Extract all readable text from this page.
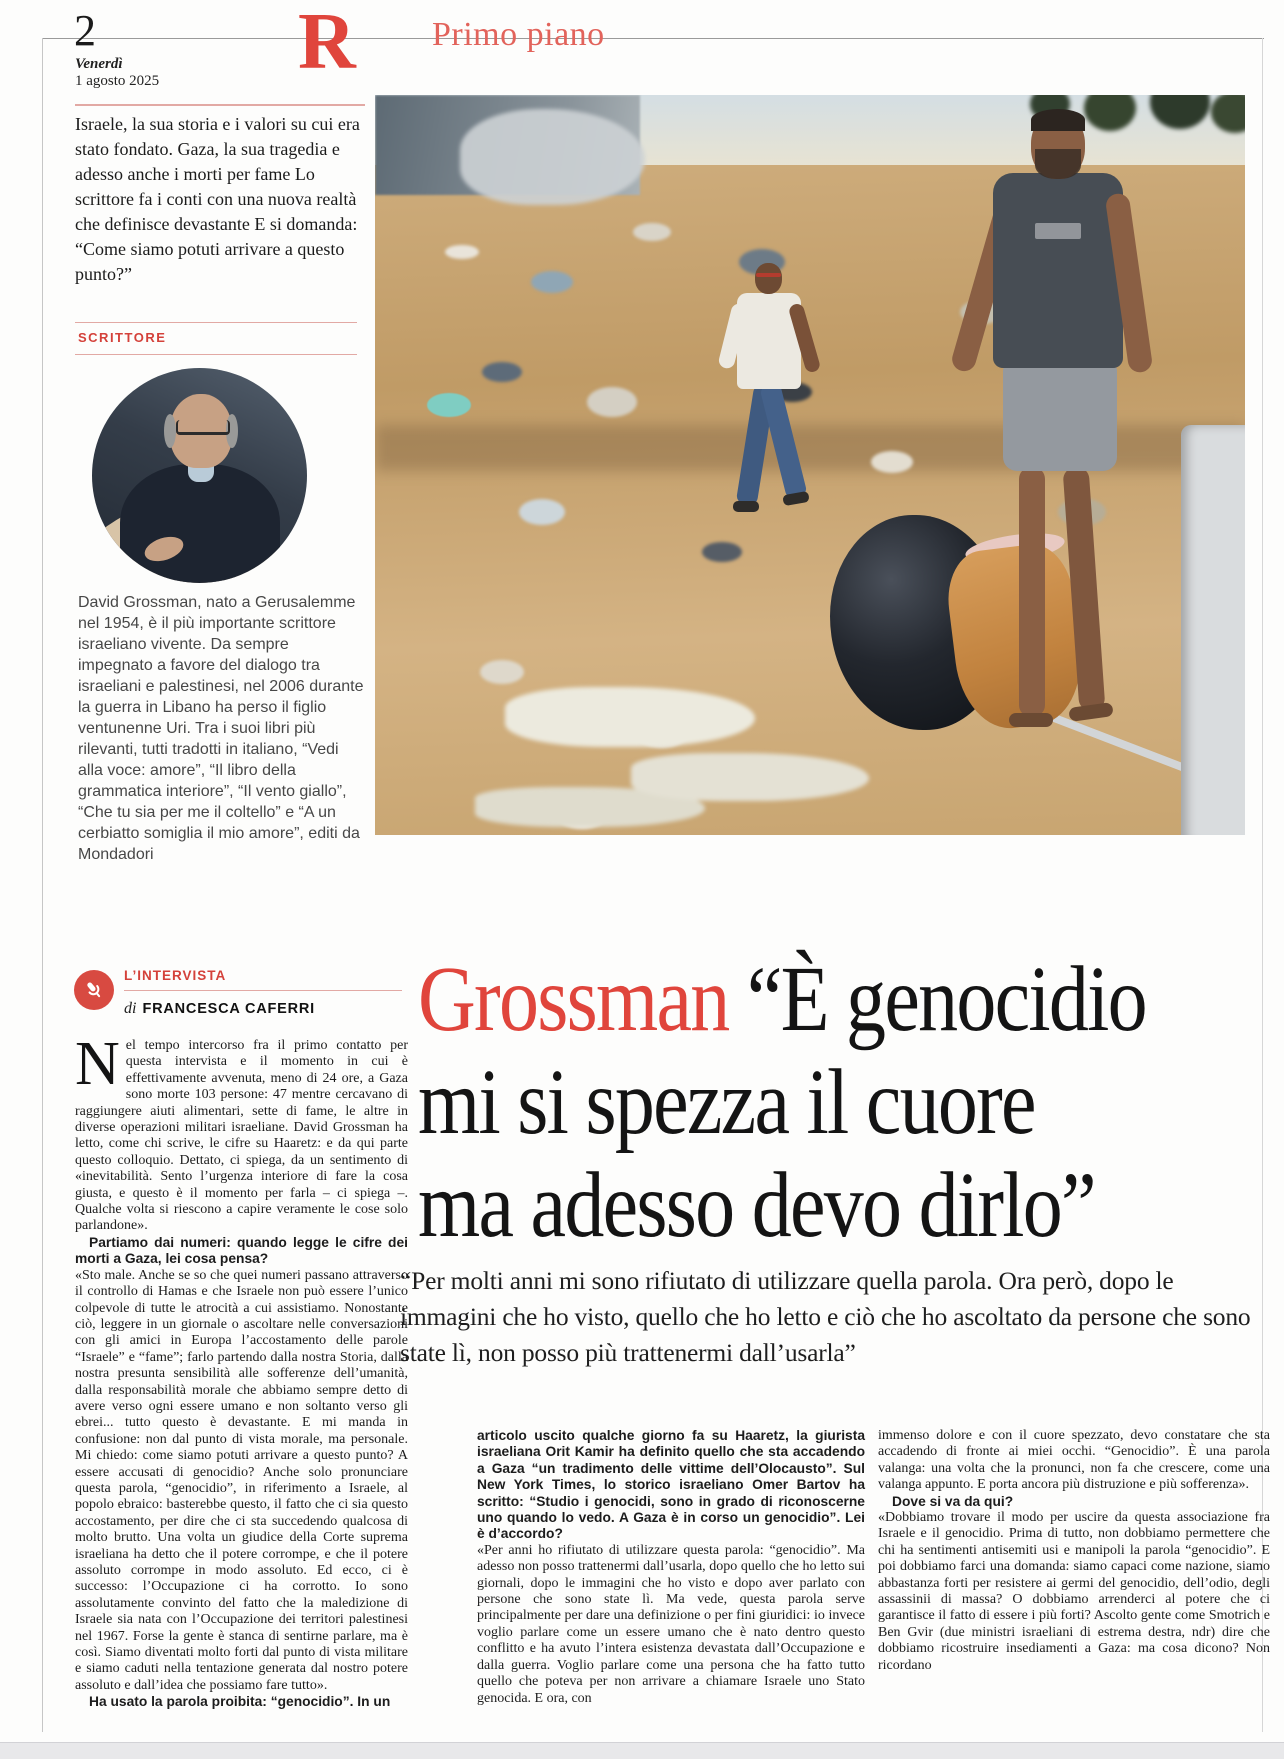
2
Venerdì
1 agosto 2025 R Primo piano
Israele, la sua storia e i valori su cui era stato fondato. Gaza, la sua tragedia e adesso anche i morti per fame Lo scrittore fa i conti con una nuova realtà che definisce devastante E si domanda: “Come siamo potuti arrivare a questo punto?”
SCRITTORE
David Grossman, nato a Gerusalemme nel 1954, è il più importante scrittore israeliano vivente. Da sempre impegnato a favore del dialogo tra israeliani e palestinesi, nel 2006 durante la guerra in Libano ha perso il figlio ventunenne Uri. Tra i suoi libri più rilevanti, tutti tradotti in italiano, “Vedi alla voce: amore”, “Il libro della grammatica interiore”, “Il vento giallo”, “Che tu sia per me il coltello” e “A un cerbiatto somiglia il mio amore”, editi da Mondadori
L’INTERVISTA
di FRANCESCA CAFERRI Grossman “È genocidio
mi si spezza il cuore
ma adesso devo dirlo”
“Per molti anni mi sono rifiutato di utilizzare quella parola. Ora però, dopo le immagini che ho visto, quello che ho letto e ciò che ho ascoltato da persone che sono state lì, non posso più trattenermi dall’usarla”

Nel tempo intercorso fra il primo contatto per questa intervista e il momento in cui è effettivamente avvenuta, meno di 24 ore, a Gaza sono morte 103 persone: 47 mentre cercavano di raggiungere aiuti alimentari, sette di fame, le altre in diverse operazioni militari israeliane. David Grossman ha letto, come chi scrive, le cifre su Haaretz: e da qui parte questo colloquio. Dettato, ci spiega, da un sentimento di «inevitabilità. Sento l’urgenza interiore di fare la cosa giusta, e questo è il momento per farla – ci spiega –. Qualche volta si riescono a capire veramente le cose solo parlandone».

Partiamo dai numeri: quando legge le cifre dei morti a Gaza, lei cosa pensa?

«Sto male. Anche se so che quei numeri passano attraverso il controllo di Hamas e che Israele non può essere l’unico colpevole di tutte le atrocità a cui assistiamo. Nonostante ciò, leggere in un giornale o ascoltare nelle conversazioni con gli amici in Europa l’accostamento delle parole “Israele” e “fame”; farlo partendo dalla nostra Storia, dalla nostra presunta sensibilità alle sofferenze dell’umanità, dalla responsabilità morale che abbiamo sempre detto di avere verso ogni essere umano e non soltanto verso gli ebrei... tutto questo è devastante. E mi manda in confusione: non dal punto di vista morale, ma personale. Mi chiedo: come siamo potuti arrivare a questo punto? A essere accusati di genocidio? Anche solo pronunciare questa parola, “genocidio”, in riferimento a Israele, al popolo ebraico: basterebbe questo, il fatto che ci sia questo accostamento, per dire che ci sta succedendo qualcosa di molto brutto. Una volta un giudice della Corte suprema israeliana ha detto che il potere corrompe, e che il potere assoluto corrompe in modo assoluto. Ed ecco, ci è successo: l’Occupazione ci ha corrotto. Io sono assolutamente convinto del fatto che la maledizione di Israele sia nata con l’Occupazione dei territori palestinesi nel 1967. Forse la gente è stanca di sentirne parlare, ma è così. Siamo diventati molto forti dal punto di vista militare e siamo caduti nella tentazione generata dal nostro potere assoluto e dall’idea che possiamo fare tutto».

Ha usato la parola proibita: “genocidio”. In un

articolo uscito qualche giorno fa su Haaretz, la giurista israeliana Orit Kamir ha definito quello che sta accadendo a Gaza “un tradimento delle vittime dell’Olocausto”. Sul New York Times, lo storico israeliano Omer Bartov ha scritto: “Studio i genocidi, sono in grado di riconoscerne uno quando lo vedo. A Gaza è in corso un genocidio”. Lei è d’accordo?

«Per anni ho rifiutato di utilizzare questa parola: “genocidio”. Ma adesso non posso trattenermi dall’usarla, dopo quello che ho letto sui giornali, dopo le immagini che ho visto e dopo aver parlato con persone che sono state lì. Ma vede, questa parola serve principalmente per dare una definizione o per fini giuridici: io invece voglio parlare come un essere umano che è nato dentro questo conflitto e ha avuto l’intera esistenza devastata dall’Occupazione e dalla guerra. Voglio parlare come una persona che ha fatto tutto quello che poteva per non arrivare a chiamare Israele uno Stato genocida. E ora, con

immenso dolore e con il cuore spezzato, devo constatare che sta accadendo di fronte ai miei occhi. “Genocidio”. È una parola valanga: una volta che la pronunci, non fa che crescere, come una valanga appunto. E porta ancora più distruzione e più sofferenza».

Dove si va da qui?

«Dobbiamo trovare il modo per uscire da questa associazione fra Israele e il genocidio. Prima di tutto, non dobbiamo permettere che chi ha sentimenti antisemiti usi e manipoli la parola “genocidio”. E poi dobbiamo farci una domanda: siamo capaci come nazione, siamo abbastanza forti per resistere ai germi del genocidio, dell’odio, degli assassinii di massa? O dobbiamo arrenderci al potere che ci garantisce il fatto di essere i più forti? Ascolto gente come Smotrich e Ben Gvir (due ministri israeliani di estrema destra, ndr) dire che dobbiamo ricostruire insediamenti a Gaza: ma cosa dicono? Non ricordano
